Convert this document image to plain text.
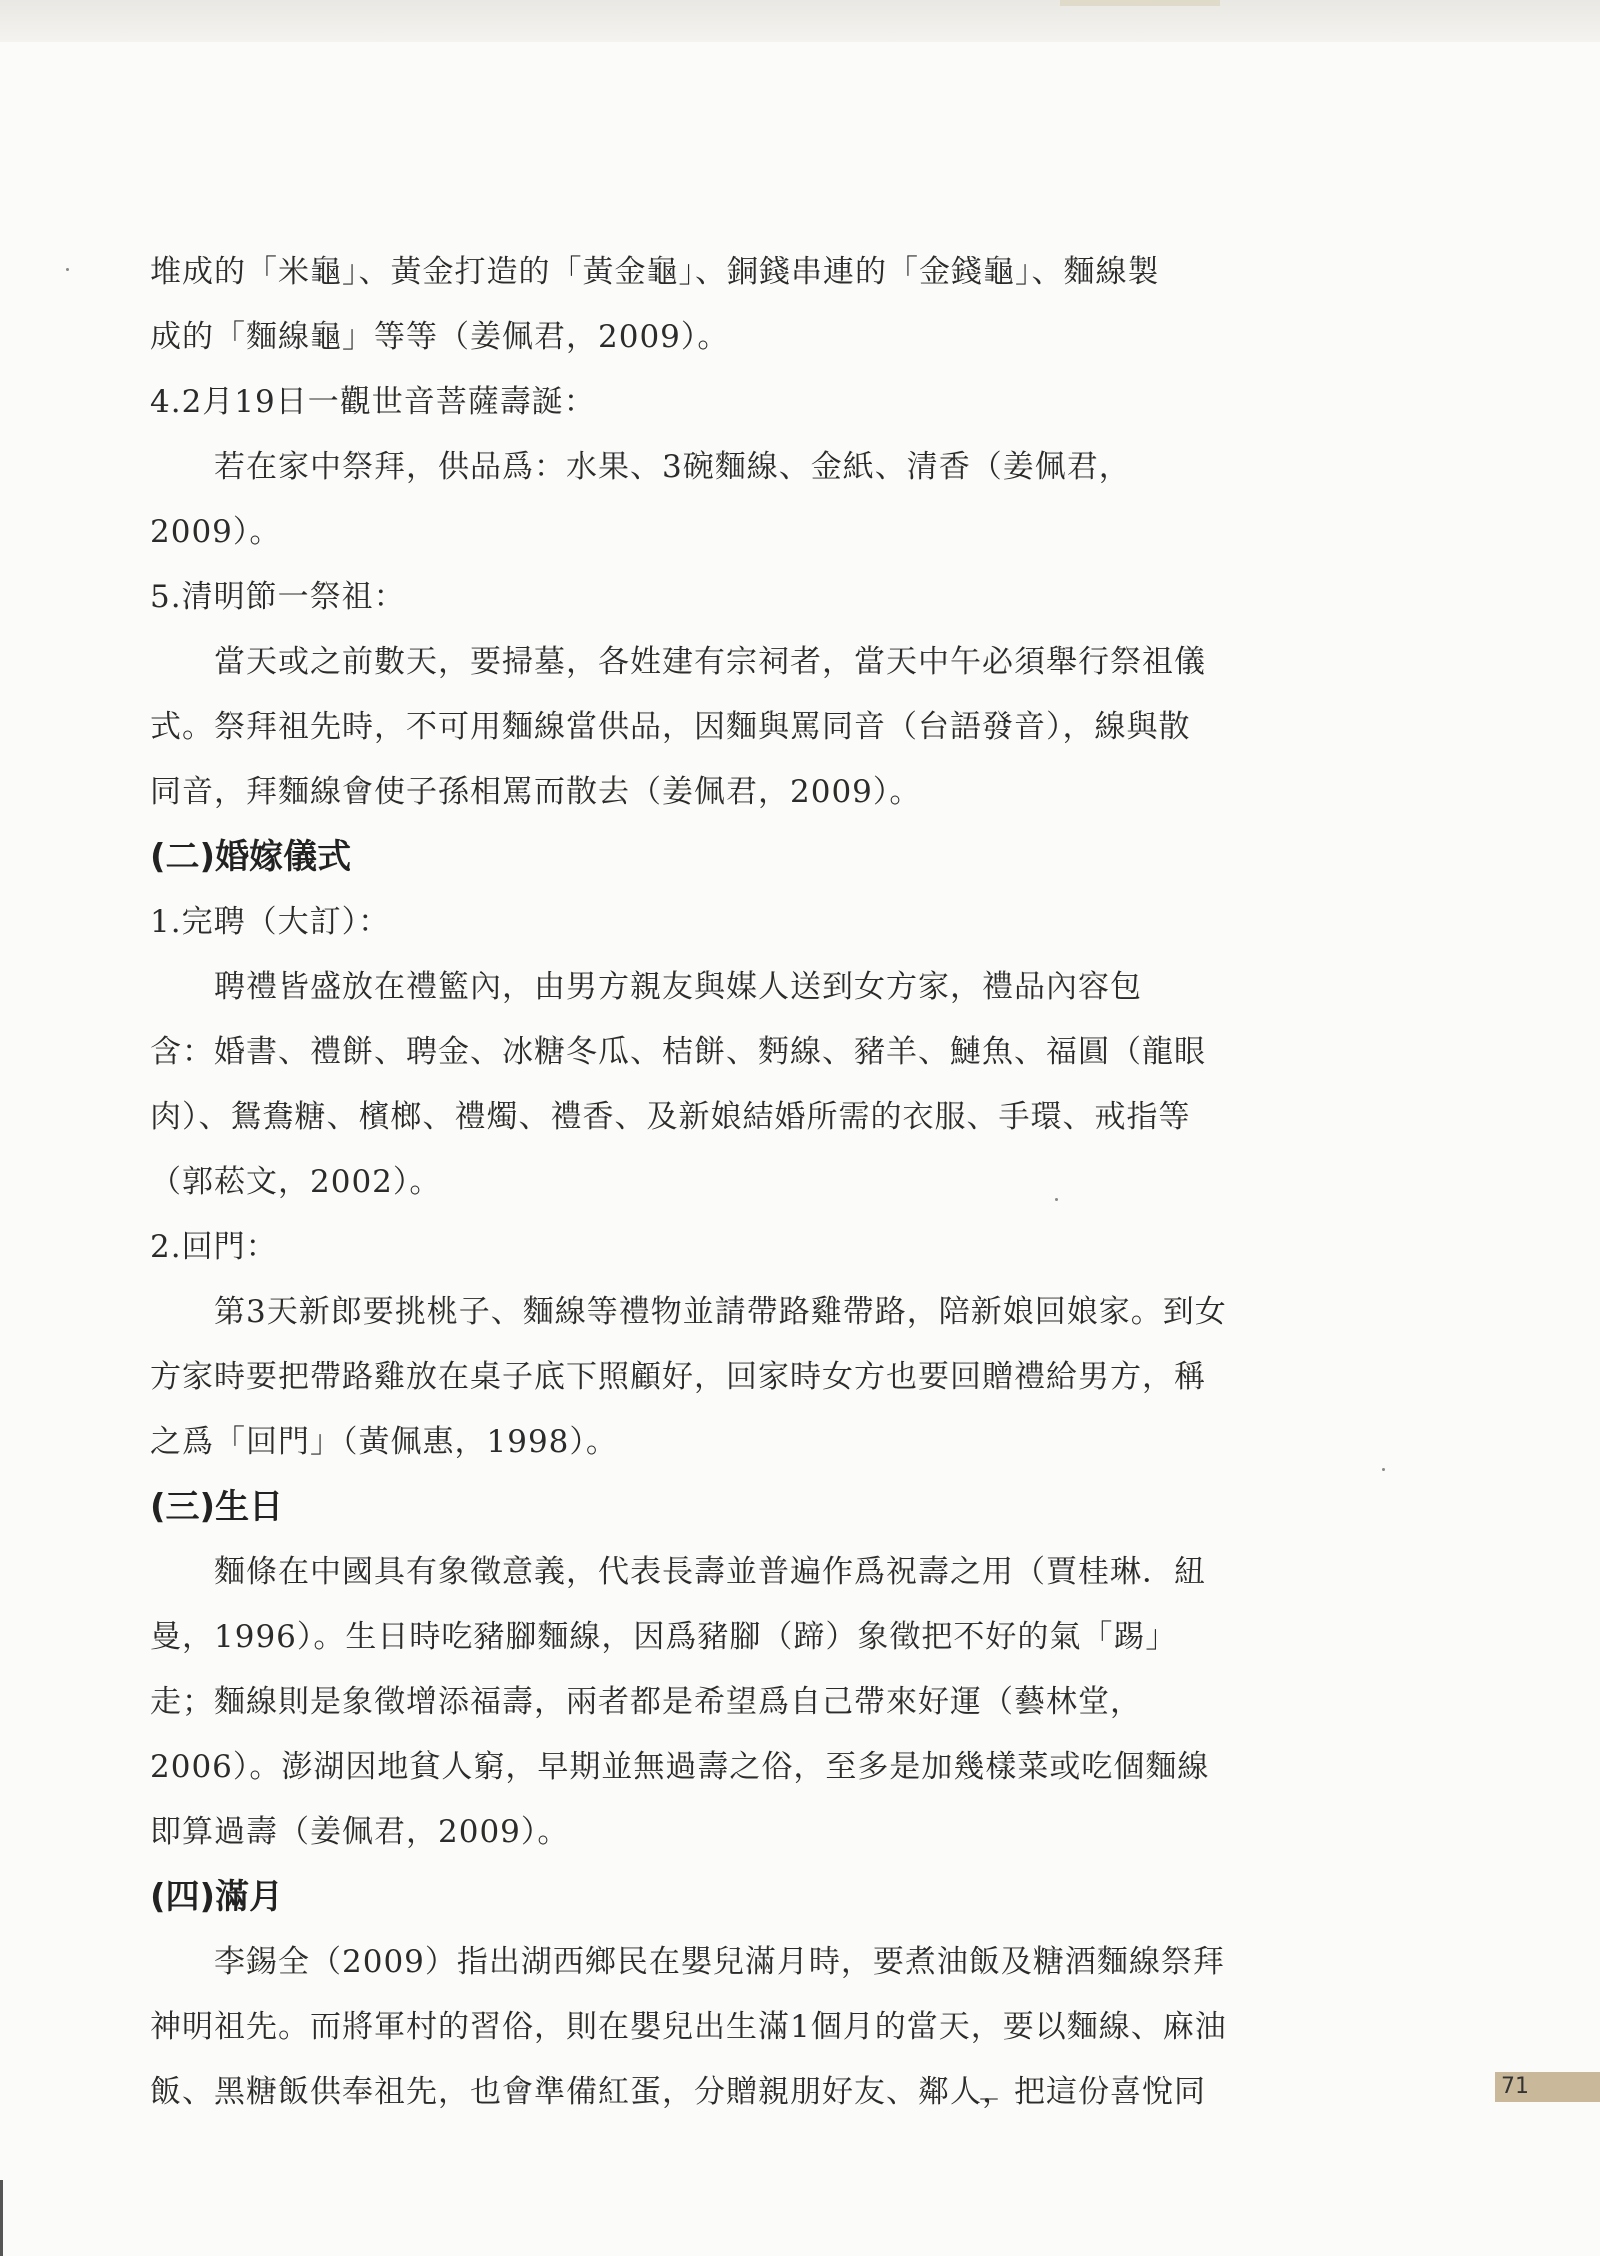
堆成的「米龜」、黃金打造的「黃金龜」、銅錢串連的「金錢龜」、麵線製
成的「麵線龜」等等（姜佩君，2009）。
4.2月19日一觀世音菩薩壽誕：
若在家中祭拜，供品爲：水果、3碗麵線、金紙、清香（姜佩君，
2009）。
5.清明節一祭祖：
當天或之前數天，要掃墓，各姓建有宗祠者，當天中午必須舉行祭祖儀
式。祭拜祖先時，不可用麵線當供品，因麵與罵同音（台語發音），線與散
同音，拜麵線會使子孫相罵而散去（姜佩君，2009）。
(二)婚嫁儀式
1.完聘（大訂）：
聘禮皆盛放在禮籃內，由男方親友與媒人送到女方家，禮品內容包
含：婚書、禮餅、聘金、冰糖冬瓜、桔餅、麪線、豬羊、鰱魚、福圓（龍眼
肉）、鴛鴦糖、檳榔、禮燭、禮香、及新娘結婚所需的衣服、手環、戒指等
（郭菘文，2002）。
2.回門：
第3天新郎要挑桃子、麵線等禮物並請帶路雞帶路，陪新娘回娘家。到女
方家時要把帶路雞放在桌子底下照顧好，回家時女方也要回贈禮給男方，稱
之爲「回門」（黃佩惠，1998）。
(三)生日
麵條在中國具有象徵意義，代表長壽並普遍作爲祝壽之用（賈桂琳．紐
曼，1996）。生日時吃豬腳麵線，因爲豬腳（蹄）象徵把不好的氣「踢」
走；麵線則是象徵增添福壽，兩者都是希望爲自己帶來好運（藝林堂，
2006）。澎湖因地貧人窮，早期並無過壽之俗，至多是加幾樣菜或吃個麵線
即算過壽（姜佩君，2009）。
(四)滿月
李錫全（2009）指出湖西鄉民在嬰兒滿月時，要煮油飯及糖酒麵線祭拜
神明祖先。而將軍村的習俗，則在嬰兒出生滿1個月的當天，要以麵線、麻油
飯、黑糖飯供奉祖先，也會準備紅蛋，分贈親朋好友、鄰人，把這份喜悅同	71
